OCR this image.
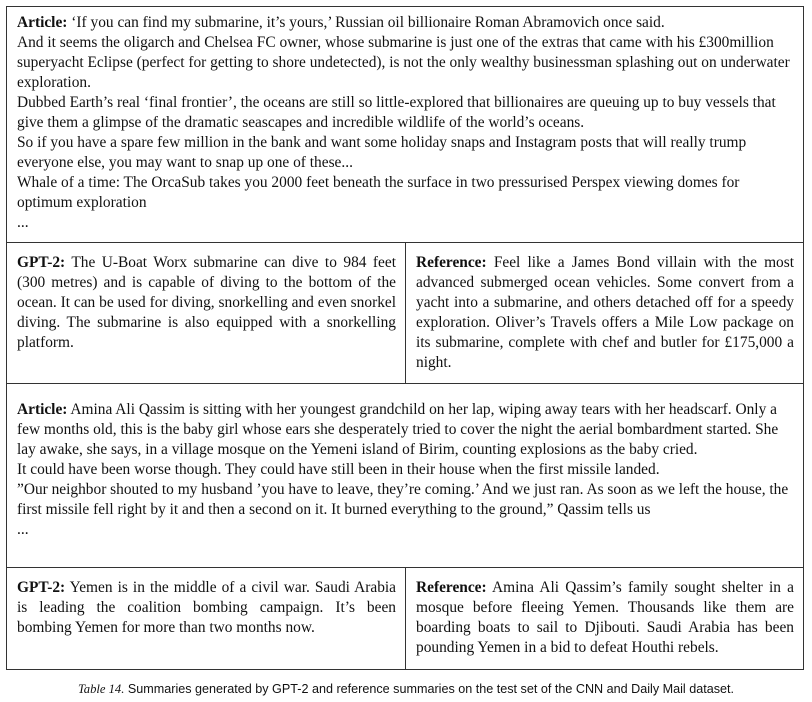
Article: ‘If you can find my submarine, it’s yours,’ Russian oil billionaire Roman Abramovich once said.
And it seems the oligarch and Chelsea FC owner, whose submarine is just one of the extras that came with his £300million superyacht Eclipse (perfect for getting to shore undetected), is not the only wealthy businessman splashing out on underwater exploration.
Dubbed Earth’s real ‘final frontier’, the oceans are still so little-explored that billionaires are queuing up to buy vessels that give them a glimpse of the dramatic seascapes and incredible wildlife of the world’s oceans.
So if you have a spare few million in the bank and want some holiday snaps and Instagram posts that will really trump everyone else, you may want to snap up one of these...
Whale of a time: The OrcaSub takes you 2000 feet beneath the surface in two pressurised Perspex viewing domes for optimum exploration
...
GPT-2: The U-Boat Worx submarine can dive to 984 feet (300 metres) and is capable of diving to the bottom of the ocean. It can be used for diving, snorkelling and even snorkel diving. The submarine is also equipped with a snorkelling platform.
Reference: Feel like a James Bond villain with the most advanced submerged ocean vehicles. Some convert from a yacht into a submarine, and others detached off for a speedy exploration. Oliver’s Travels offers a Mile Low package on its submarine, complete with chef and butler for £175,000 a night.
Article: Amina Ali Qassim is sitting with her youngest grandchild on her lap, wiping away tears with her headscarf. Only a few months old, this is the baby girl whose ears she desperately tried to cover the night the aerial bombardment started. She lay awake, she says, in a village mosque on the Yemeni island of Birim, counting explosions as the baby cried.
It could have been worse though. They could have still been in their house when the first missile landed.
”Our neighbor shouted to my husband ’you have to leave, they’re coming.’ And we just ran. As soon as we left the house, the first missile fell right by it and then a second on it. It burned everything to the ground,” Qassim tells us
...
GPT-2: Yemen is in the middle of a civil war. Saudi Arabia is leading the coalition bombing campaign. It’s been bombing Yemen for more than two months now.
Reference: Amina Ali Qassim’s family sought shelter in a mosque before fleeing Yemen. Thousands like them are boarding boats to sail to Djibouti. Saudi Arabia has been pounding Yemen in a bid to defeat Houthi rebels.
Table 14. Summaries generated by GPT-2 and reference summaries on the test set of the CNN and Daily Mail dataset.
